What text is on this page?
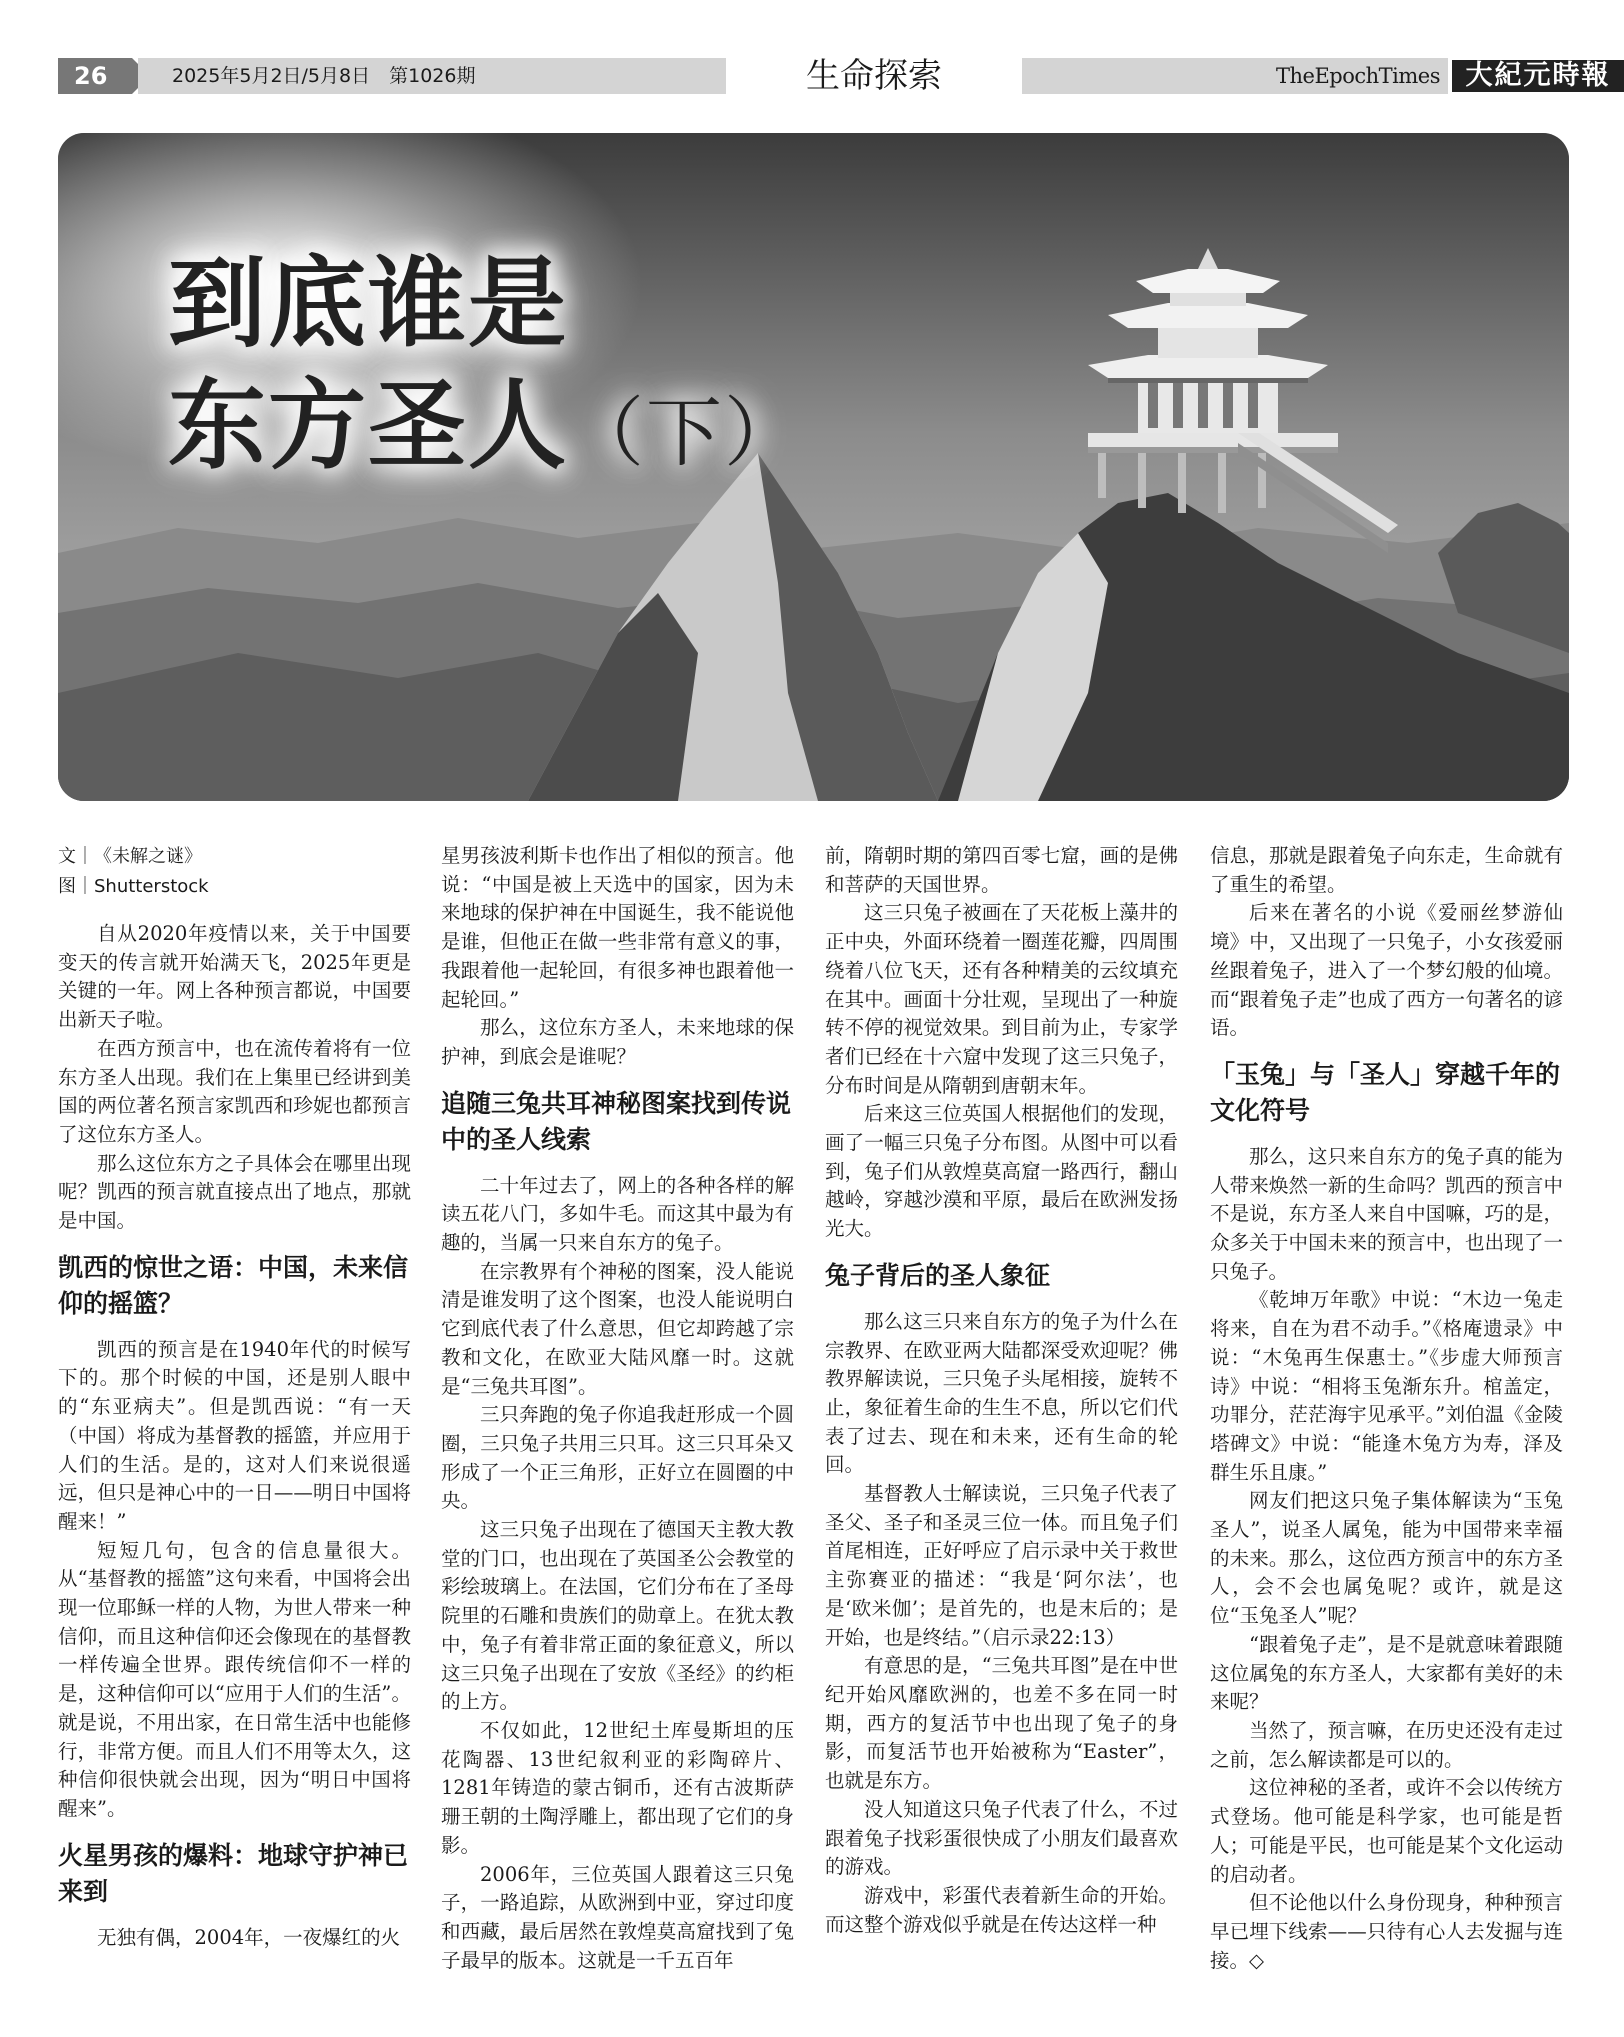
26	2025年5月2日/5月8日　第1026期	生命探索	TheEpochTimes 大紀元時報
到底谁是
东方圣人（下）
文｜《未解之谜》
图｜Shutterstock

自从2020年疫情以来，关于中国要变天的传言就开始满天飞，2025年更是关键的一年。网上各种预言都说，中国要出新天子啦。

在西方预言中，也在流传着将有一位东方圣人出现。我们在上集里已经讲到美国的两位著名预言家凯西和珍妮也都预言了这位东方圣人。

那么这位东方之子具体会在哪里出现呢？凯西的预言就直接点出了地点，那就是中国。

凯西的惊世之语：中国，未来信仰的摇篮？

凯西的预言是在1940年代的时候写下的。那个时候的中国，还是别人眼中的“东亚病夫”。但是凯西说：“有一天（中国）将成为基督教的摇篮，并应用于人们的生活。是的，这对人们来说很遥远，但只是神心中的一日——明日中国将醒来！”

短短几句，包含的信息量很大。从“基督教的摇篮”这句来看，中国将会出现一位耶稣一样的人物，为世人带来一种信仰，而且这种信仰还会像现在的基督教一样传遍全世界。跟传统信仰不一样的是，这种信仰可以“应用于人们的生活”。就是说，不用出家，在日常生活中也能修行，非常方便。而且人们不用等太久，这种信仰很快就会出现，因为“明日中国将醒来”。

火星男孩的爆料：地球守护神已来到

无独有偶，2004年，一夜爆红的火

星男孩波利斯卡也作出了相似的预言。他说：“中国是被上天选中的国家，因为未来地球的保护神在中国诞生，我不能说他是谁，但他正在做一些非常有意义的事，我跟着他一起轮回，有很多神也跟着他一起轮回。”

那么，这位东方圣人，未来地球的保护神，到底会是谁呢？

追随三兔共耳神秘图案找到传说中的圣人线索

二十年过去了，网上的各种各样的解读五花八门，多如牛毛。而这其中最为有趣的，当属一只来自东方的兔子。

在宗教界有个神秘的图案，没人能说清是谁发明了这个图案，也没人能说明白它到底代表了什么意思，但它却跨越了宗教和文化，在欧亚大陆风靡一时。这就是“三兔共耳图”。

三只奔跑的兔子你追我赶形成一个圆圈，三只兔子共用三只耳。这三只耳朵又形成了一个正三角形，正好立在圆圈的中央。

这三只兔子出现在了德国天主教大教堂的门口，也出现在了英国圣公会教堂的彩绘玻璃上。在法国，它们分布在了圣母院里的石雕和贵族们的勋章上。在犹太教中，兔子有着非常正面的象征意义，所以这三只兔子出现在了安放《圣经》的约柜的上方。

不仅如此，12世纪土库曼斯坦的压花陶器、13世纪叙利亚的彩陶碎片、1281年铸造的蒙古铜币，还有古波斯萨珊王朝的土陶浮雕上，都出现了它们的身影。

2006年，三位英国人跟着这三只兔子，一路追踪，从欧洲到中亚，穿过印度和西藏，最后居然在敦煌莫高窟找到了兔子最早的版本。这就是一千五百年

前，隋朝时期的第四百零七窟，画的是佛和菩萨的天国世界。

这三只兔子被画在了天花板上藻井的正中央，外面环绕着一圈莲花瓣，四周围绕着八位飞天，还有各种精美的云纹填充在其中。画面十分壮观，呈现出了一种旋转不停的视觉效果。到目前为止，专家学者们已经在十六窟中发现了这三只兔子，分布时间是从隋朝到唐朝末年。

后来这三位英国人根据他们的发现，画了一幅三只兔子分布图。从图中可以看到，兔子们从敦煌莫高窟一路西行，翻山越岭，穿越沙漠和平原，最后在欧洲发扬光大。

兔子背后的圣人象征

那么这三只来自东方的兔子为什么在宗教界、在欧亚两大陆都深受欢迎呢？佛教界解读说，三只兔子头尾相接，旋转不止，象征着生命的生生不息，所以它们代表了过去、现在和未来，还有生命的轮回。

基督教人士解读说，三只兔子代表了圣父、圣子和圣灵三位一体。而且兔子们首尾相连，正好呼应了启示录中关于救世主弥赛亚的描述：“我是‘阿尔法’，也是‘欧米伽’；是首先的，也是末后的；是开始，也是终结。”（启示录22:13）

有意思的是，“三兔共耳图”是在中世纪开始风靡欧洲的，也差不多在同一时期，西方的复活节中也出现了兔子的身影，而复活节也开始被称为“Easter”，也就是东方。

没人知道这只兔子代表了什么，不过跟着兔子找彩蛋很快成了小朋友们最喜欢的游戏。

游戏中，彩蛋代表着新生命的开始。而这整个游戏似乎就是在传达这样一种

信息，那就是跟着兔子向东走，生命就有了重生的希望。

后来在著名的小说《爱丽丝梦游仙境》中，又出现了一只兔子，小女孩爱丽丝跟着兔子，进入了一个梦幻般的仙境。而“跟着兔子走”也成了西方一句著名的谚语。

「玉兔」与「圣人」穿越千年的文化符号

那么，这只来自东方的兔子真的能为人带来焕然一新的生命吗？凯西的预言中不是说，东方圣人来自中国嘛，巧的是，众多关于中国未来的预言中，也出现了一只兔子。

《乾坤万年歌》中说：“木边一兔走将来，自在为君不动手。”《格庵遗录》中说：“木兔再生保惠士。”《步虚大师预言诗》中说：“相将玉兔渐东升。棺盖定，功罪分，茫茫海宇见承平。”刘伯温《金陵塔碑文》中说：“能逢木兔方为寿，泽及群生乐且康。”

网友们把这只兔子集体解读为“玉兔圣人”，说圣人属兔，能为中国带来幸福的未来。那么，这位西方预言中的东方圣人，会不会也属兔呢？或许，就是这位“玉兔圣人”呢？

“跟着兔子走”，是不是就意味着跟随这位属兔的东方圣人，大家都有美好的未来呢？

当然了，预言嘛，在历史还没有走过之前，怎么解读都是可以的。

这位神秘的圣者，或许不会以传统方式登场。他可能是科学家，也可能是哲人；可能是平民，也可能是某个文化运动的启动者。

但不论他以什么身份现身，种种预言早已埋下线索——只待有心人去发掘与连接。◇
